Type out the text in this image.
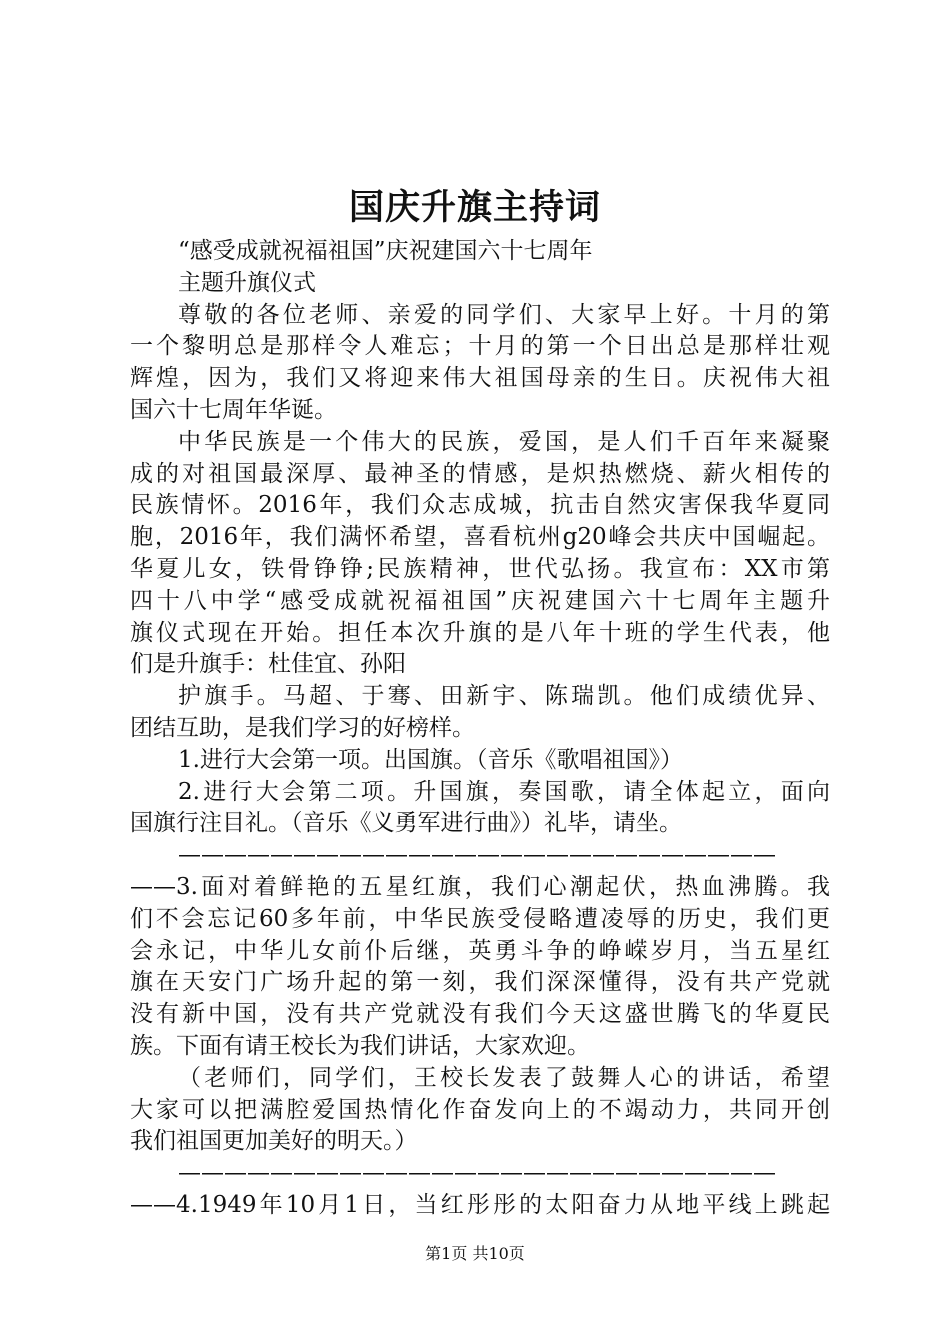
国庆升旗主持词
“感受成就祝福祖国”庆祝建国六十七周年
主题升旗仪式
尊敬的各位老师、亲爱的同学们、大家早上好。十月的第
一个黎明总是那样令人难忘；十月的第一个日出总是那样壮观
辉煌，因为，我们又将迎来伟大祖国母亲的生日。庆祝伟大祖
国六十七周年华诞。
中华民族是一个伟大的民族，爱国，是人们千百年来凝聚
成的对祖国最深厚、最神圣的情感，是炽热燃烧、薪火相传的
民族情怀。2016年，我们众志成城，抗击自然灾害保我华夏同
胞，2016年，我们满怀希望，喜看杭州g20峰会共庆中国崛起。
华夏儿女，铁骨铮铮;民族精神，世代弘扬。我宣布：XX市第
四十八中学“感受成就祝福祖国”庆祝建国六十七周年主题升
旗仪式现在开始。担任本次升旗的是八年十班的学生代表，他
们是升旗手：杜佳宜、孙阳
护旗手。马超、于骞、田新宇、陈瑞凯。他们成绩优异、
团结互助，是我们学习的好榜样。
1.进行大会第一项。出国旗。（音乐《歌唱祖国》）
2.进行大会第二项。升国旗，奏国歌，请全体起立，面向
国旗行注目礼。（音乐《义勇军进行曲》）礼毕，请坐。
——————————————————————————
——3.面对着鲜艳的五星红旗，我们心潮起伏，热血沸腾。我
们不会忘记60多年前，中华民族受侵略遭凌辱的历史，我们更
会永记，中华儿女前仆后继，英勇斗争的峥嵘岁月，当五星红
旗在天安门广场升起的第一刻，我们深深懂得，没有共产党就
没有新中国，没有共产党就没有我们今天这盛世腾飞的华夏民
族。下面有请王校长为我们讲话，大家欢迎。
（老师们，同学们，王校长发表了鼓舞人心的讲话，希望
大家可以把满腔爱国热情化作奋发向上的不竭动力，共同开创
我们祖国更加美好的明天。）
——————————————————————————
——4.1949年10月1日，当红彤彤的太阳奋力从地平线上跳起
第1页 共10页
